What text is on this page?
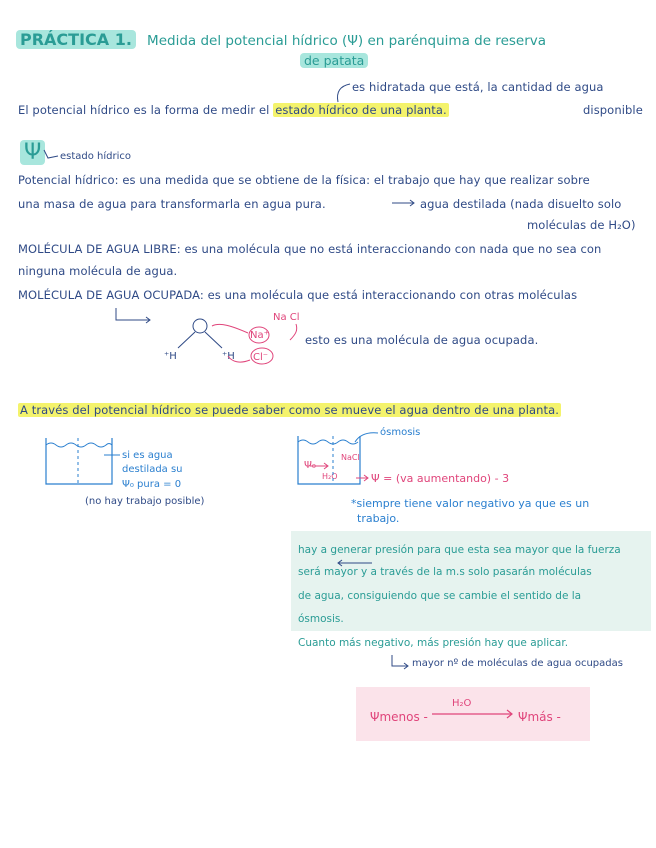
PRÁCTICA 1. Medida del potencial hídrico (Ψ) en parénquima de reserva
de patata
es hidratada que está, la cantidad de agua
El potencial hídrico es la forma de medir el estado hídrico de una planta.	disponible
Ψ	estado hídrico
Potencial hídrico: es una medida que se obtiene de la física: el trabajo que hay que realizar sobre
una masa de agua para transformarla en agua pura.	agua destilada (nada disuelto solo
moléculas de H₂O)
MOLÉCULA DE AGUA LIBRE: es una molécula que no está interaccionando con nada que no sea con
ninguna molécula de agua.
MOLÉCULA DE AGUA OCUPADA: es una molécula que está interaccionando con otras moléculas
Na Cl
Na⁺
Cl⁻
⁺H	⁺H
esto es una molécula de agua ocupada.
A través del potencial hídrico se puede saber como se mueve el agua dentro de una planta.
si es agua
destilada su
Ψ₀ pura = 0
(no hay trabajo posible)
ósmosis
NaCl
Ψ₀
H₂O	Ψ = (va aumentando) - 3
*siempre tiene valor negativo ya que es un
trabajo.
hay a generar presión para que esta sea mayor que la fuerza
será mayor y a través de la m.s solo pasarán moléculas
de agua, consiguiendo que se cambie el sentido de la
ósmosis.
Cuanto más negativo, más presión hay que aplicar.
mayor nº de moléculas de agua ocupadas
Ψmenos -
H₂O
Ψmás -
